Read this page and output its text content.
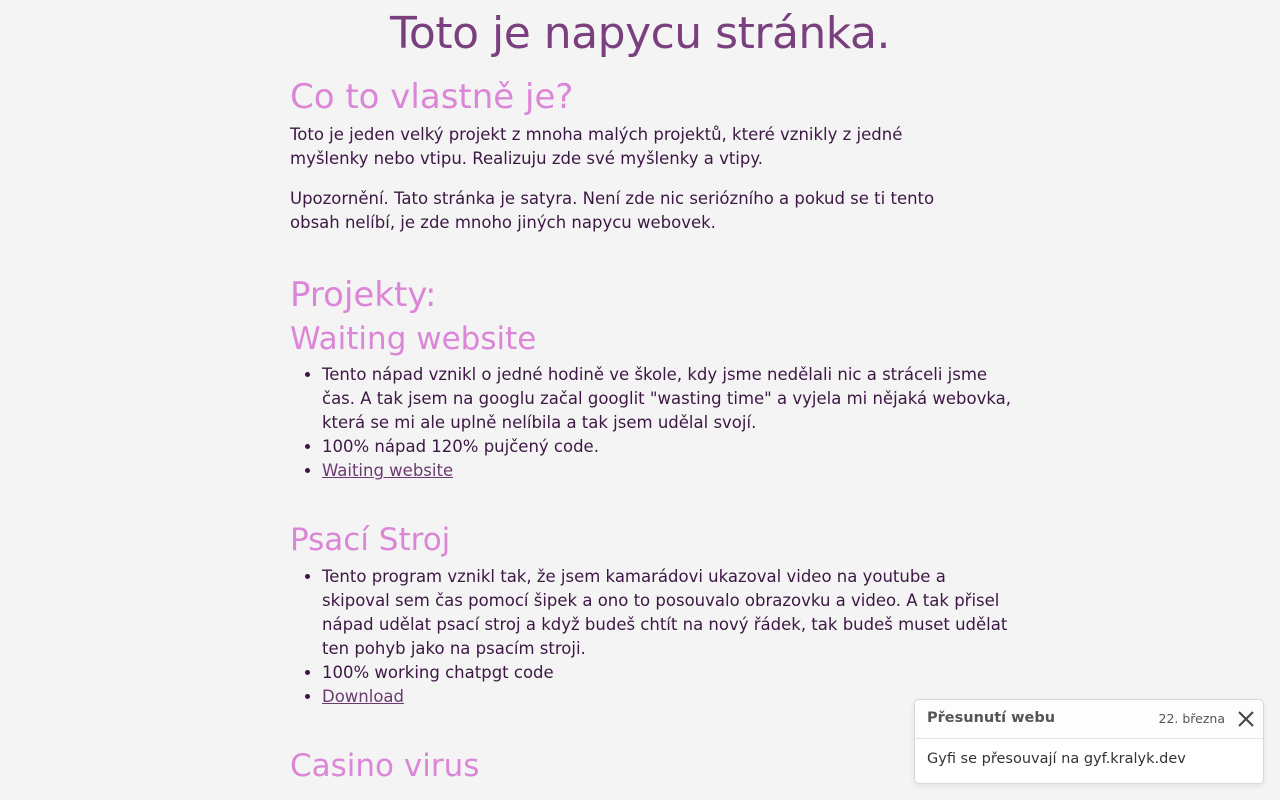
Toto je napycu stránka.
Co to vlastně je?

Toto je jeden velký projekt z mnoha malých projektů, které vznikly z jedné myšlenky nebo vtipu. Realizuju zde své myšlenky a vtipy.

Upozornění. Tato stránka je satyra. Není zde nic seriózního a pokud se ti tento obsah nelíbí, je zde mnoho jiných napycu webovek.

Projekty:
Waiting website
• Tento nápad vznikl o jedné hodině ve škole, kdy jsme nedělali nic a stráceli jsme čas. A tak jsem na googlu začal googlit "wasting time" a vyjela mi nějaká webovka, která se mi ale uplně nelíbila a tak jsem udělal svojí.
• 100% nápad 120% pujčený code.
• Waiting website
Psací Stroj
• Tento program vznikl tak, že jsem kamarádovi ukazoval video na youtube a skipoval sem čas pomocí šipek a ono to posouvalo obrazovku a video. A tak přisel nápad udělat psací stroj a když budeš chtít na nový řádek, tak budeš muset udělat ten pohyb jako na psacím stroji.
• 100% working chatpgt code
• Download
Casino virus
Přesunutí webu	22. března
Gyfi se přesouvají na gyf.kralyk.dev
